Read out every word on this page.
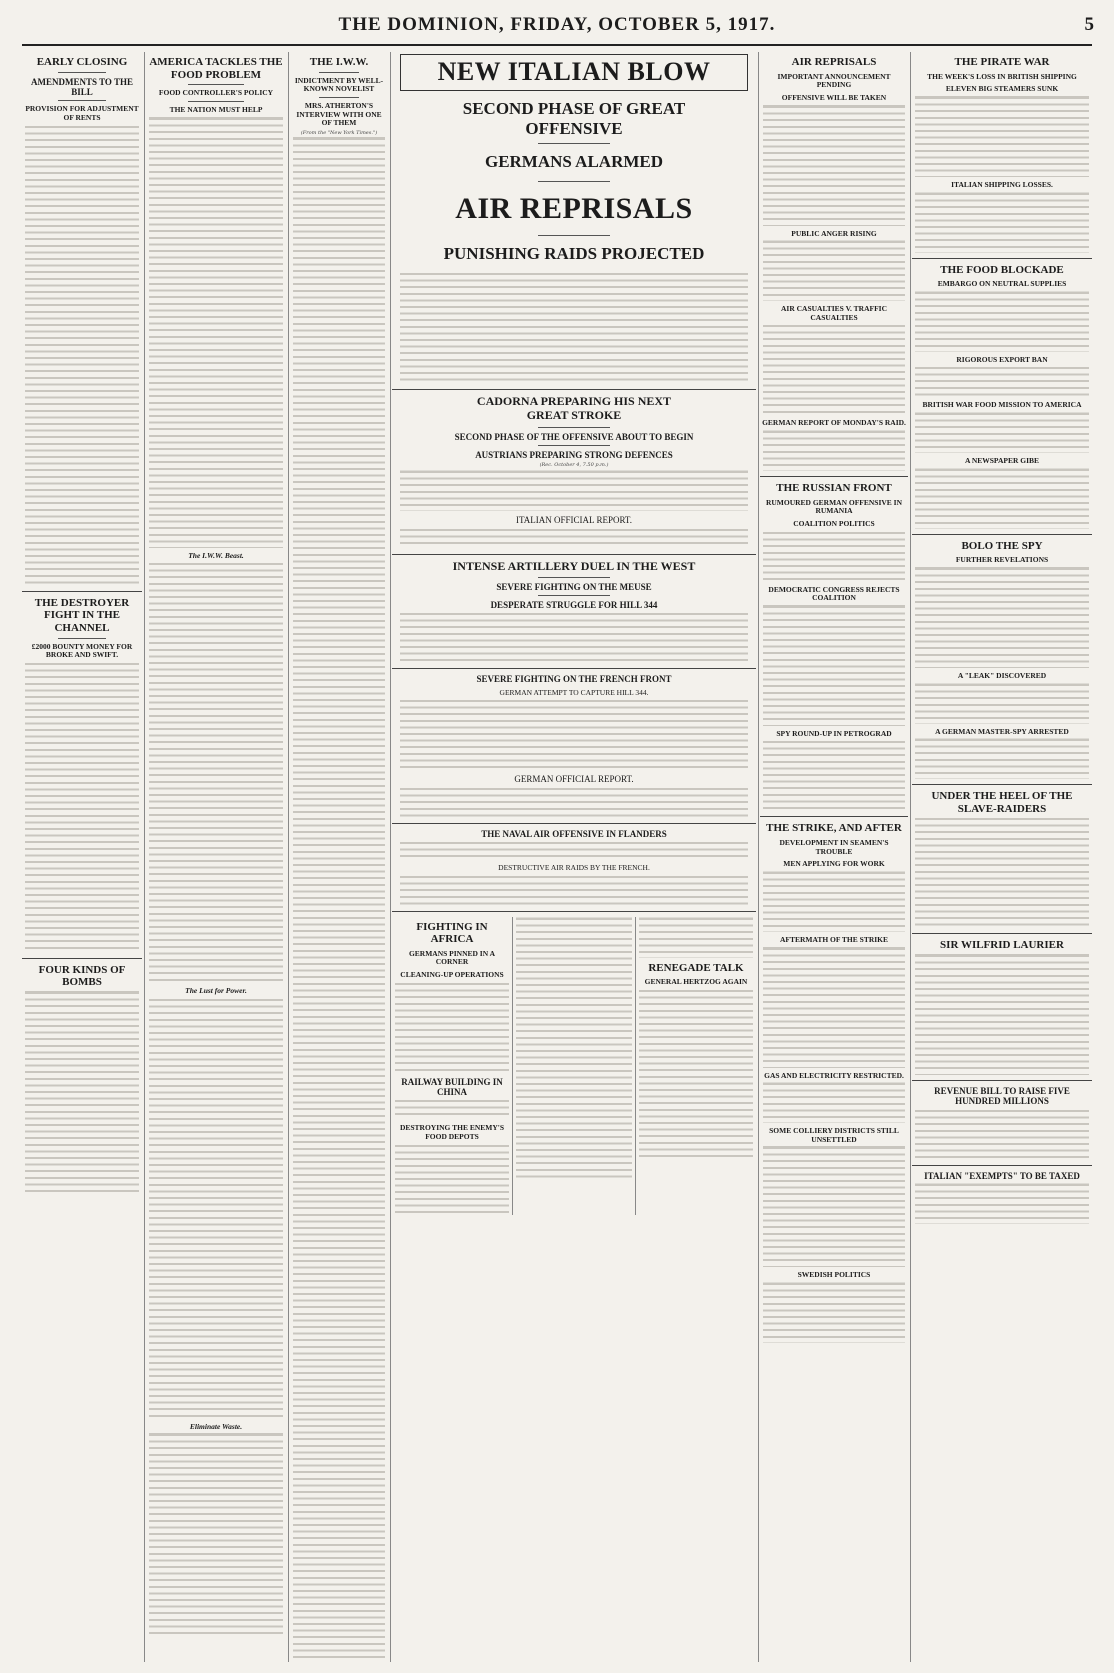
THE DOMINION, FRIDAY, OCTOBER 5, 1917.	5
EARLY CLOSING
AMENDMENTS TO THE BILL
PROVISION FOR ADJUSTMENT OF RENTS
THE DESTROYER FIGHT IN THE CHANNEL
£2000 BOUNTY MONEY FOR BROKE AND SWIFT.
FOUR KINDS OF BOMBS
AMERICA TACKLES THE FOOD PROBLEM
FOOD CONTROLLER'S POLICY
THE NATION MUST HELP
The I.W.W. Beast.
The Lust for Power.
Eliminate Waste.
THE I.W.W.
INDICTMENT BY WELL-KNOWN NOVELIST
MRS. ATHERTON'S INTERVIEW WITH ONE OF THEM
(From the "New York Times.")
NEW ITALIAN BLOW
SECOND PHASE OF GREAT OFFENSIVE
GERMANS ALARMED
AIR REPRISALS
PUNISHING RAIDS PROJECTED
CADORNA PREPARING HIS NEXT GREAT STROKE
SECOND PHASE OF THE OFFENSIVE ABOUT TO BEGIN
AUSTRIANS PREPARING STRONG DEFENCES
(Rec. October 4, 7.50 p.m.)
ITALIAN OFFICIAL REPORT.
INTENSE ARTILLERY DUEL IN THE WEST
SEVERE FIGHTING ON THE MEUSE
DESPERATE STRUGGLE FOR HILL 344
SEVERE FIGHTING ON THE FRENCH FRONT
GERMAN ATTEMPT TO CAPTURE HILL 344.
GERMAN OFFICIAL REPORT.
THE NAVAL AIR OFFENSIVE IN FLANDERS
DESTRUCTIVE AIR RAIDS BY THE FRENCH.
FIGHTING IN AFRICA
GERMANS PINNED IN A CORNER
CLEANING-UP OPERATIONS
RAILWAY BUILDING IN CHINA
DESTROYING THE ENEMY'S FOOD DEPOTS
RENEGADE TALK
GENERAL HERTZOG AGAIN
AIR REPRISALS
IMPORTANT ANNOUNCEMENT PENDING
OFFENSIVE WILL BE TAKEN
PUBLIC ANGER RISING
AIR CASUALTIES V. TRAFFIC CASUALTIES
GERMAN REPORT OF MONDAY'S RAID.
THE RUSSIAN FRONT
RUMOURED GERMAN OFFENSIVE IN RUMANIA
COALITION POLITICS
DEMOCRATIC CONGRESS REJECTS COALITION
SPY ROUND-UP IN PETROGRAD
THE STRIKE, AND AFTER
DEVELOPMENT IN SEAMEN'S TROUBLE
MEN APPLYING FOR WORK
AFTERMATH OF THE STRIKE
GAS AND ELECTRICITY RESTRICTED.
SOME COLLIERY DISTRICTS STILL UNSETTLED
SWEDISH POLITICS
THE PIRATE WAR
THE WEEK'S LOSS IN BRITISH SHIPPING
ELEVEN BIG STEAMERS SUNK
ITALIAN SHIPPING LOSSES.
THE FOOD BLOCKADE
EMBARGO ON NEUTRAL SUPPLIES
RIGOROUS EXPORT BAN
BRITISH WAR FOOD MISSION TO AMERICA
A NEWSPAPER GIBE
BOLO THE SPY
FURTHER REVELATIONS
A "LEAK" DISCOVERED
A GERMAN MASTER-SPY ARRESTED
UNDER THE HEEL OF THE SLAVE-RAIDERS
SIR WILFRID LAURIER
REVENUE BILL TO RAISE FIVE HUNDRED MILLIONS
ITALIAN "EXEMPTS" TO BE TAXED
